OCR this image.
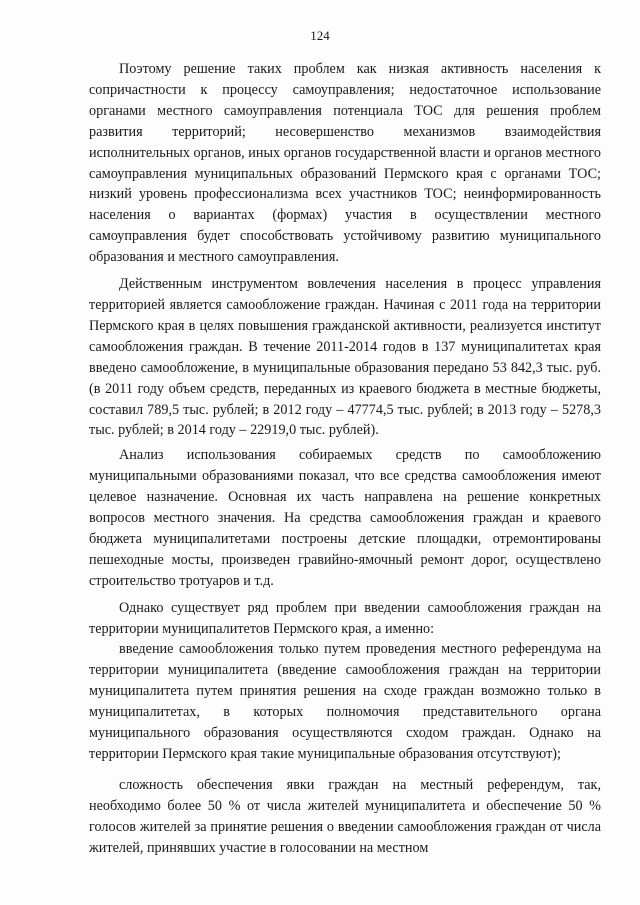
124

Поэтому решение таких проблем как низкая активность населения к сопричастности к процессу самоуправления; недостаточное использование органами местного самоуправления потенциала ТОС для решения проблем развития территорий; несовершенство механизмов взаимодействия исполнительных органов, иных органов государственной власти и органов местного самоуправления муниципальных образований Пермского края с органами ТОС; низкий уровень профессионализма всех участников ТОС; неинформированность населения о вариантах (формах) участия в осуществлении местного самоуправления будет способствовать устойчивому развитию муниципального образования и местного самоуправления.

Действенным инструментом вовлечения населения в процесс управления территорией является самообложение граждан. Начиная с 2011 года на территории Пермского края в целях повышения гражданской активности, реализуется институт самообложения граждан. В течение 2011-2014 годов в 137 муниципалитетах края введено самообложение, в муниципальные образования передано 53 842,3 тыс. руб. (в 2011 году объем средств, переданных из краевого бюджета в местные бюджеты, составил 789,5 тыс. рублей; в 2012 году – 47774,5 тыс. рублей; в 2013 году – 5278,3 тыс. рублей; в 2014 году – 22919,0 тыс. рублей).

Анализ использования собираемых средств по самообложению муниципальными образованиями показал, что все средства самообложения имеют целевое назначение. Основная их часть направлена на решение конкретных вопросов местного значения. На средства самообложения граждан и краевого бюджета муниципалитетами построены детские площадки, отремонтированы пешеходные мосты, произведен гравийно-ямочный ремонт дорог, осуществлено строительство тротуаров и т.д.

Однако существует ряд проблем при введении самообложения граждан на территории муниципалитетов Пермского края, а именно:

введение самообложения только путем проведения местного референдума на территории муниципалитета (введение самообложения граждан на территории муниципалитета путем принятия решения на сходе граждан возможно только в муниципалитетах, в которых полномочия представительного органа муниципального образования осуществляются сходом граждан. Однако на территории Пермского края такие муниципальные образования отсутствуют);

сложность обеспечения явки граждан на местный референдум, так, необходимо более 50 % от числа жителей муниципалитета и обеспечение 50 % голосов жителей за принятие решения о введении самообложения граждан от числа жителей, принявших участие в голосовании на местном
